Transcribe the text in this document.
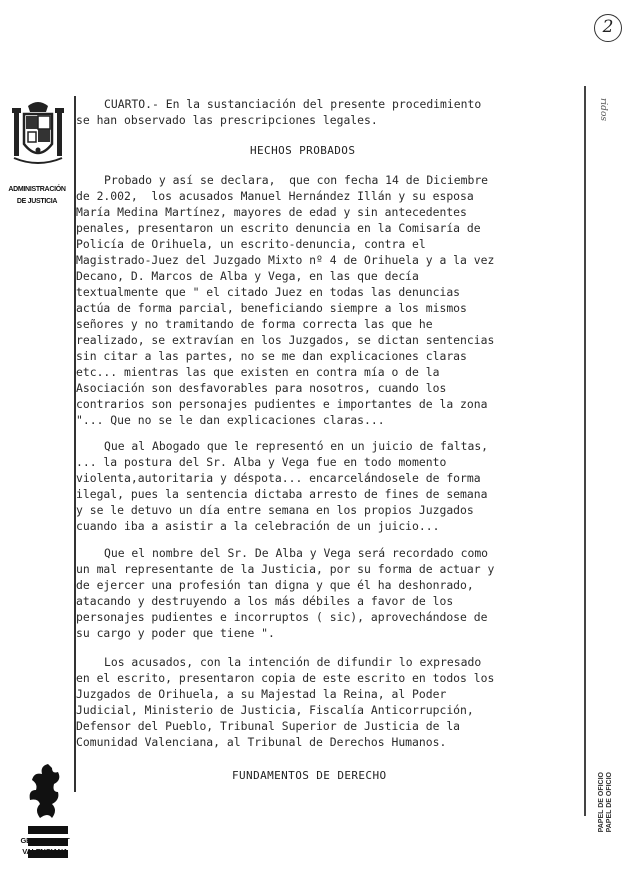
2
ADMINISTRACIÓN
DE JUSTICIA
ridos
PAPEL DE OFICIO
PAPEL DE OFICIO

CUARTO.- En la sustanciación del presente procedimiento

se han observado las prescripciones legales.

HECHOS PROBADOS

Probado y así se declara,  que con fecha 14 de Diciembre

de 2.002,  los acusados Manuel Hernández Illán y su esposa

María Medina Martínez, mayores de edad y sin antecedentes

penales, presentaron un escrito denuncia en la Comisaría de

Policía de Orihuela, un escrito-denuncia, contra el

Magistrado-Juez del Juzgado Mixto nº 4 de Orihuela y a la vez

Decano, D. Marcos de Alba y Vega, en las que decía

textualmente que " el citado Juez en todas las denuncias

actúa de forma parcial, beneficiando siempre a los mismos

señores y no tramitando de forma correcta las que he

realizado, se extravían en los Juzgados, se dictan sentencias

sin citar a las partes, no se me dan explicaciones claras

etc... mientras las que existen en contra mía o de la

Asociación son desfavorables para nosotros, cuando los

contrarios son personajes pudientes e importantes de la zona

"... Que no se le dan explicaciones claras...

Que al Abogado que le representó en un juicio de faltas,

... la postura del Sr. Alba y Vega fue en todo momento

violenta,autoritaria y déspota... encarcelándosele de forma

ilegal, pues la sentencia dictaba arresto de fines de semana

y se le detuvo un día entre semana en los propios Juzgados

cuando iba a asistir a la celebración de un juicio...

Que el nombre del Sr. De Alba y Vega será recordado como

un mal representante de la Justicia, por su forma de actuar y

de ejercer una profesión tan digna y que él ha deshonrado,

atacando y destruyendo a los más débiles a favor de los

personajes pudientes e incorruptos ( sic), aprovechándose de

su cargo y poder que tiene ".

Los acusados, con la intención de difundir lo expresado

en el escrito, presentaron copia de este escrito en todos los

Juzgados de Orihuela, a su Majestad la Reina, al Poder

Judicial, Ministerio de Justicia, Fiscalía Anticorrupción,

Defensor del Pueblo, Tribunal Superior de Justicia de la

Comunidad Valenciana, al Tribunal de Derechos Humanos.

FUNDAMENTOS DE DERECHO

GENERALITAT
VALENCIANA
